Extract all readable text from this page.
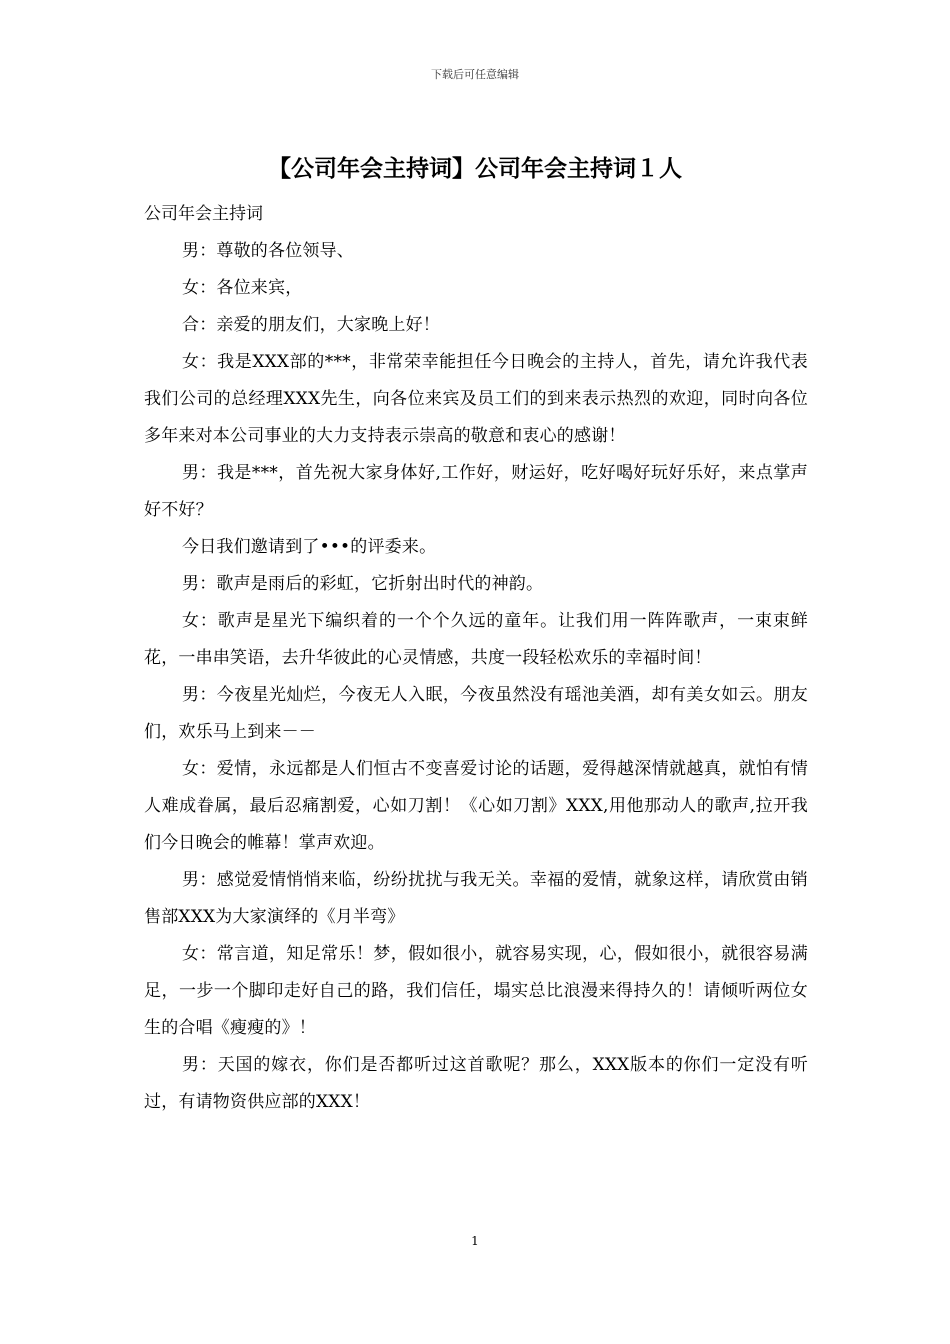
下载后可任意编辑
【公司年会主持词】公司年会主持词１人

公司年会主持词

男：尊敬的各位领导、

女：各位来宾，

合：亲爱的朋友们，大家晚上好！

女：我是XXX部的***，非常荣幸能担任今日晚会的主持人，首先，请允许我代表我们公司的总经理XXX先生，向各位来宾及员工们的到来表示热烈的欢迎，同时向各位多年来对本公司事业的大力支持表示崇高的敬意和衷心的感谢！

男：我是***，首先祝大家身体好,工作好，财运好，吃好喝好玩好乐好，来点掌声好不好？

今日我们邀请到了•••的评委来。

男：歌声是雨后的彩虹，它折射出时代的神韵。

女：歌声是星光下编织着的一个个久远的童年。让我们用一阵阵歌声，一束束鲜花，一串串笑语，去升华彼此的心灵情感，共度一段轻松欢乐的幸福时间！

男：今夜星光灿烂，今夜无人入眠，今夜虽然没有瑶池美酒，却有美女如云。朋友们，欢乐马上到来－－

女：爱情，永远都是人们恒古不变喜爱讨论的话题，爱得越深情就越真，就怕有情人难成眷属，最后忍痛割爱，心如刀割！《心如刀割》XXX,用他那动人的歌声,拉开我们今日晚会的帷幕！掌声欢迎。

男：感觉爱情悄悄来临，纷纷扰扰与我无关。幸福的爱情，就象这样，请欣赏由销售部XXX为大家演绎的《月半弯》

女：常言道，知足常乐！梦，假如很小，就容易实现，心，假如很小，就很容易满足，一步一个脚印走好自己的路，我们信任，塌实总比浪漫来得持久的！请倾听两位女生的合唱《瘦瘦的》！

男：天国的嫁衣，你们是否都听过这首歌呢？那么，XXX版本的你们一定没有听过，有请物资供应部的XXX！

1
